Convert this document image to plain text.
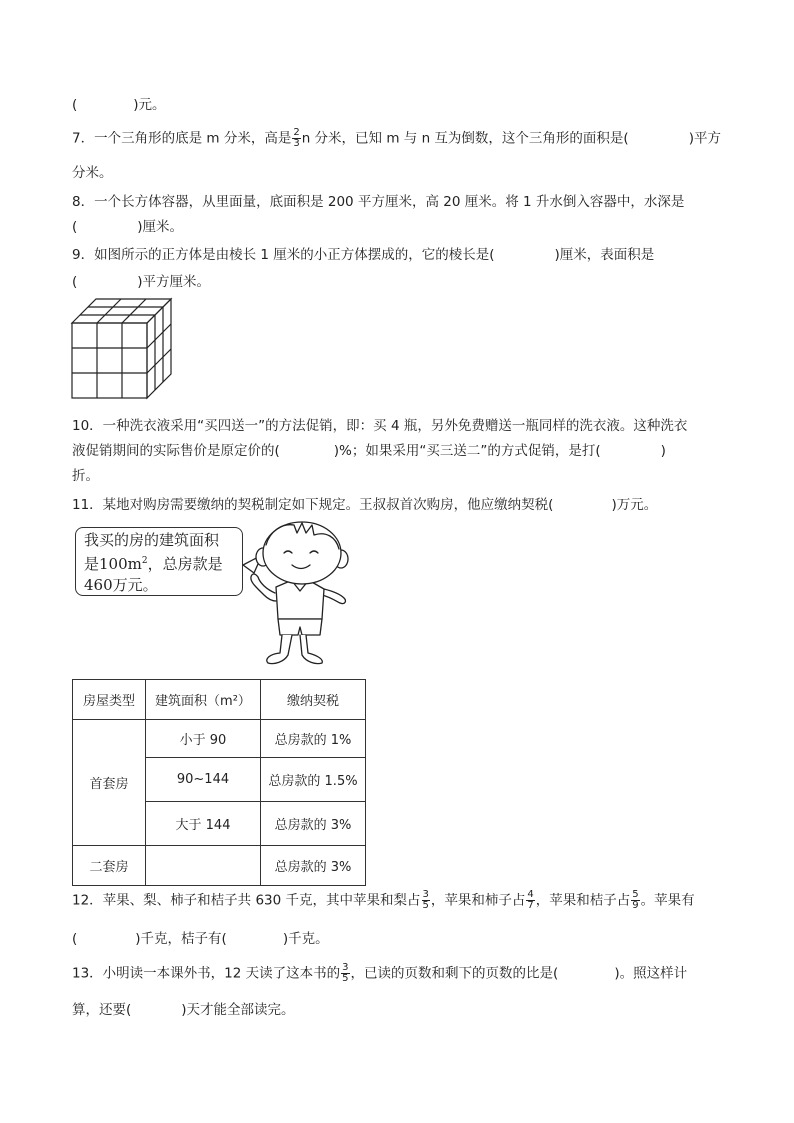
(	)元。
7．一个三角形的底是 m 分米，高是 $\frac{2}{3}$ n 分米，已知 m 与 n 互为倒数，这个三角形的面积是(	)平方
分米。
8．一个长方体容器，从里面量，底面积是 200 平方厘米，高 20 厘米。将 1 升水倒入容器中，水深是
(	)厘米。
9．如图所示的正方体是由棱长 1 厘米的小正方体摆成的，它的棱长是(	)厘米，表面积是
(	)平方厘米。
10．一种洗衣液采用“买四送一”的方法促销，即：买 4 瓶，另外免费赠送一瓶同样的洗衣液。这种洗衣
液促销期间的实际售价是原定价的(	)%；如果采用“买三送二”的方式促销，是打(	)
折。
11．某地对购房需要缴纳的契税制定如下规定。王叔叔首次购房，他应缴纳契税(	)万元。
我买的房的建筑面积
是$100m^2$，总房款是
460万元。
房屋类型	建筑面积（m²）	缴纳契税
首套房	小于 90	总房款的 1%
	90~144	总房款的 1.5%
	大于 144	总房款的 3%
二套房		总房款的 3%
12．苹果、梨、柿子和桔子共 630 千克，其中苹果和梨占 $\frac{3}{5}$ ，苹果和柿子占 $\frac{4}{7}$ ，苹果和桔子占 $\frac{5}{9}$ 。苹果有
(	)千克，桔子有(	)千克。
13．小明读一本课外书，12 天读了这本书的 $\frac{3}{5}$ ，已读的页数和剩下的页数的比是(	)。照这样计
算，还要(	)天才能全部读完。
